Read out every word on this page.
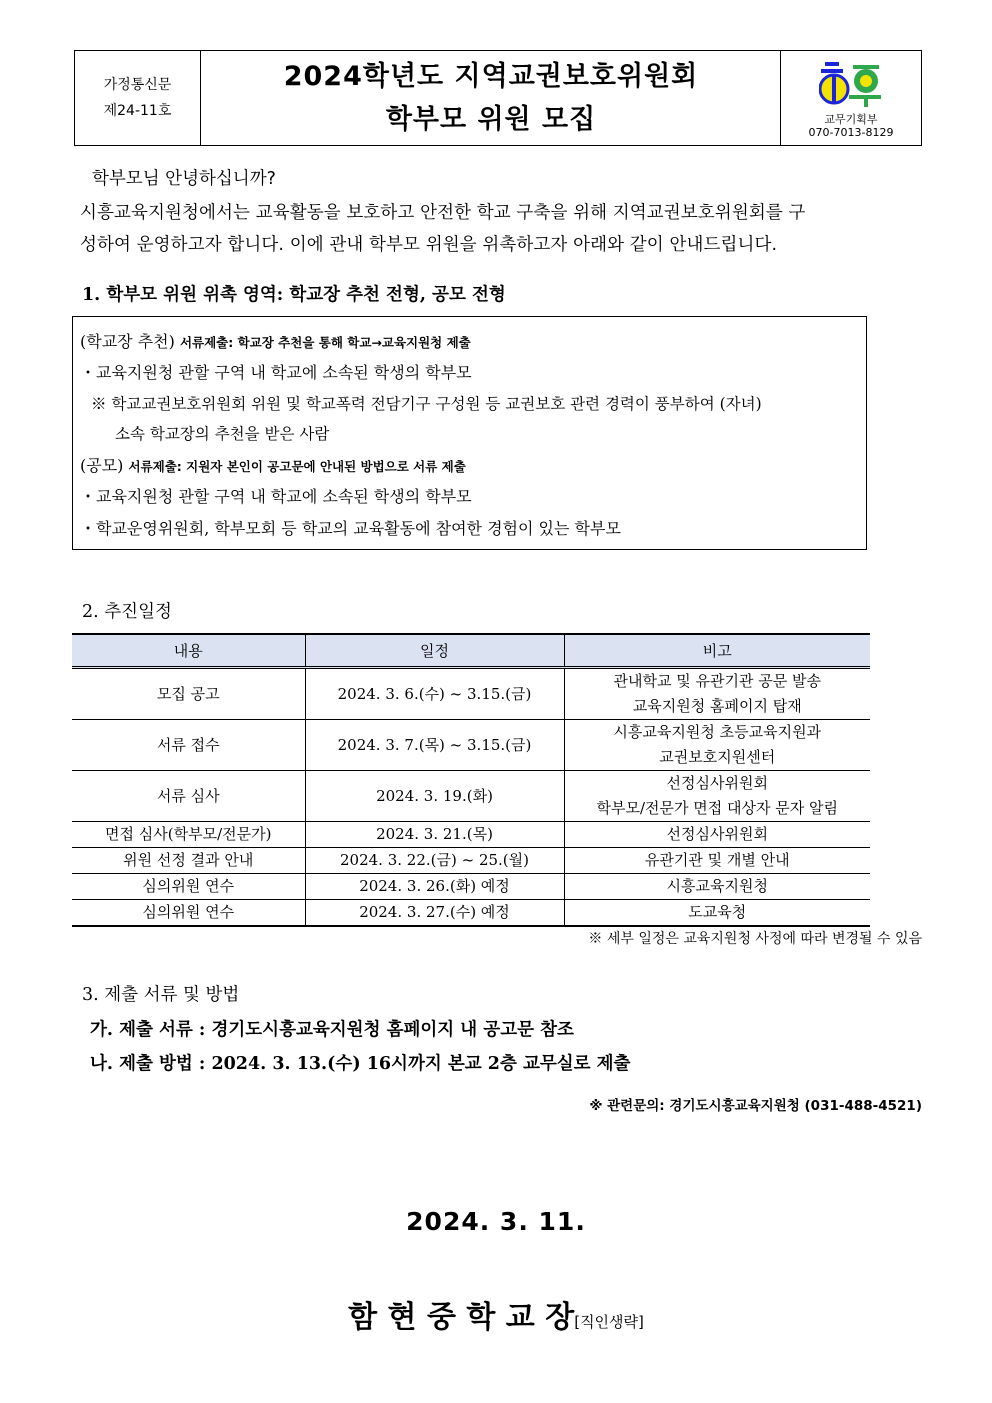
가정통신문
제24-11호
2024학년도 지역교권보호위원회
학부모 위원 모집	교무기획부
070-7013-8129
학부모님 안녕하십니까?
시흥교육지원청에서는 교육활동을 보호하고 안전한 학교 구축을 위해 지역교권보호위원회를 구
성하여 운영하고자 합니다. 이에 관내 학부모 위원을 위촉하고자 아래와 같이 안내드립니다.
1. 학부모 위원 위촉 영역: 학교장 추천 전형, 공모 전형
(학교장 추천) 서류제출: 학교장 추천을 통해 학교→교육지원청 제출
・교육지원청 관할 구역 내 학교에 소속된 학생의 학부모
※ 학교교권보호위원회 위원 및 학교폭력 전담기구 구성원 등 교권보호 관련 경력이 풍부하여 (자녀)
소속 학교장의 추천을 받은 사람
(공모) 서류제출: 지원자 본인이 공고문에 안내된 방법으로 서류 제출
・교육지원청 관할 구역 내 학교에 소속된 학생의 학부모
・학교운영위원회, 학부모회 등 학교의 교육활동에 참여한 경험이 있는 학부모
2. 추진일정
내용	일정	비고
모집 공고	2024. 3. 6.(수) ~ 3.15.(금)	관내학교 및 유관기관 공문 발송
교육지원청 홈페이지 탑재

서류 접수	2024. 3. 7.(목) ~ 3.15.(금)	시흥교육지원청 초등교육지원과
교권보호지원센터

서류 심사	2024. 3. 19.(화)	선정심사위원회
학부모/전문가 면접 대상자 문자 알림

면접 심사(학부모/전문가)	2024. 3. 21.(목)	선정심사위원회
위원 선정 결과 안내	2024. 3. 22.(금) ~ 25.(월)	유관기관 및 개별 안내
심의위원 연수	2024. 3. 26.(화) 예정	시흥교육지원청
심의위원 연수	2024. 3. 27.(수) 예정	도교육청
※ 세부 일정은 교육지원청 사정에 따라 변경될 수 있음
3. 제출 서류 및 방법
가. 제출 서류 : 경기도시흥교육지원청 홈페이지 내 공고문 참조
나. 제출 방법 : 2024. 3. 13.(수) 16시까지 본교 2층 교무실로 제출
※ 관련문의: 경기도시흥교육지원청 (031-488-4521)
2024. 3. 11.
함 현 중 학 교 장[직인생략]
